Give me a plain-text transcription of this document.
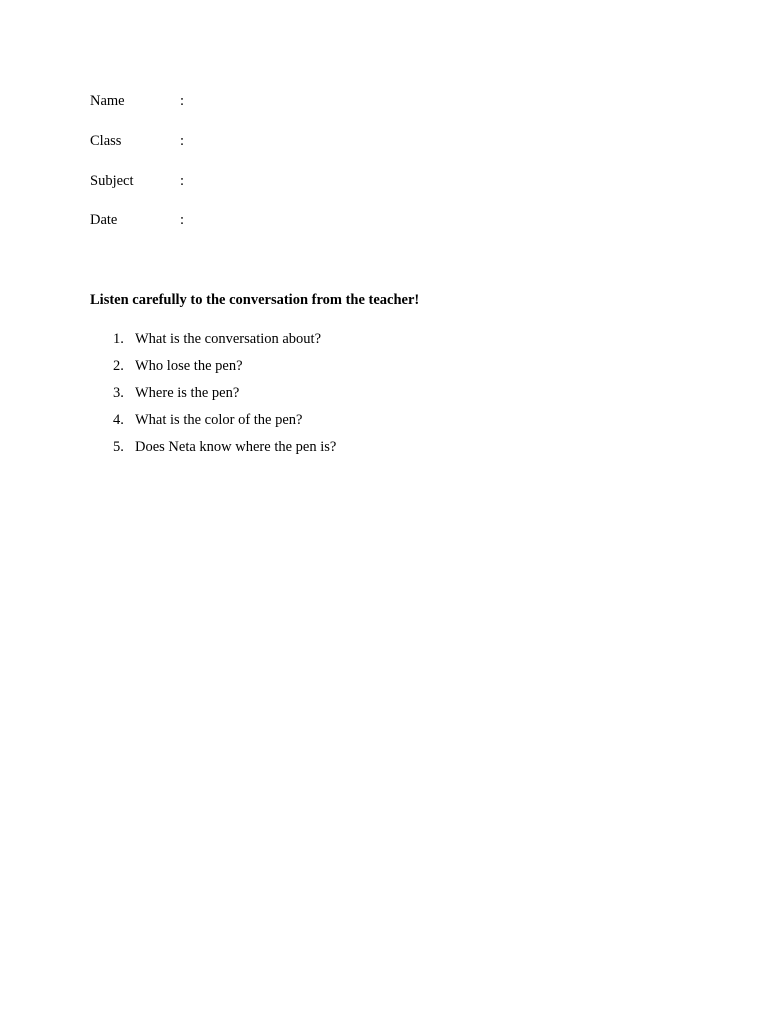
Name	:
Class	:
Subject	:
Date	:
Listen carefully to the conversation from the teacher!
1. What is the conversation about?
2. Who lose the pen?
3. Where is the pen?
4. What is the color of the pen?
5. Does Neta know where the pen is?
